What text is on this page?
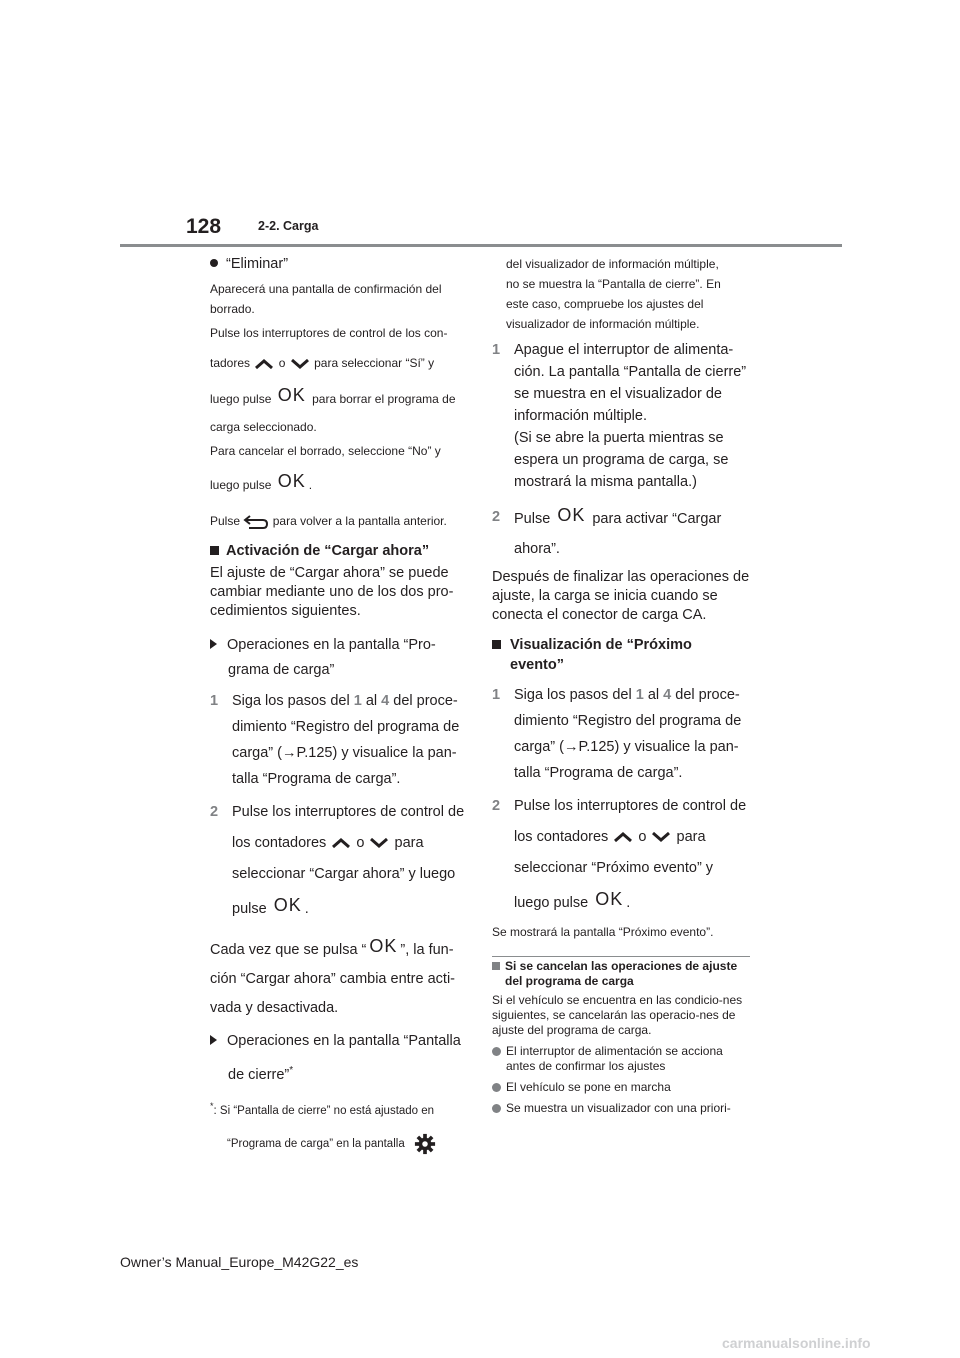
128	2-2. Carga
“Eliminar”
Aparecerá una pantalla de confirmación del borrado.
Pulse los interruptores de control de los con-
tadores o para seleccionar “Sí” y
luego pulse OK para borrar el programa de
carga seleccionado.
Para cancelar el borrado, seleccione “No” y
luego pulse OK .
Pulse	para volver a la pantalla anterior.
Activación de “Cargar ahora”
El ajuste de “Cargar ahora” se puede cambiar mediante uno de los dos pro-cedimientos siguientes.
Operaciones en la pantalla “Pro-
grama de carga”
1 Siga los pasos del 1 al 4 del proce-
dimiento “Registro del programa de
carga” (→P.125) y visualice la pan-
talla “Programa de carga”.
2 Pulse los interruptores de control de
los contadores o para
seleccionar “Cargar ahora” y luego
pulse OK .
Cada vez que se pulsa “ OK ”, la fun-
ción “Cargar ahora” cambia entre acti-
vada y desactivada.
Operaciones en la pantalla “Pantalla
de cierre”*
*: Si “Pantalla de cierre” no está ajustado en
“Programa de carga” en la pantalla
del visualizador de información múltiple,
no se muestra la “Pantalla de cierre”. En
este caso, compruebe los ajustes del
visualizador de información múltiple.
1 Apague el interruptor de alimenta-
ción. La pantalla “Pantalla de cierre”
se muestra en el visualizador de
información múltiple.
(Si se abre la puerta mientras se
espera un programa de carga, se
mostrará la misma pantalla.)
2 Pulse OK para activar “Cargar
ahora”.
Después de finalizar las operaciones de ajuste, la carga se inicia cuando se conecta el conector de carga CA.
Visualización de “Próximo
evento”
1 Siga los pasos del 1 al 4 del proce-
dimiento “Registro del programa de
carga” (→P.125) y visualice la pan-
talla “Programa de carga”.
2 Pulse los interruptores de control de
los contadores o para
seleccionar “Próximo evento” y
luego pulse OK .
Se mostrará la pantalla “Próximo evento”.
Si se cancelan las operaciones de ajuste del programa de carga
Si el vehículo se encuentra en las condicio-nes siguientes, se cancelarán las operacio-nes de ajuste del programa de carga.
El interruptor de alimentación se acciona antes de confirmar los ajustes
El vehículo se pone en marcha
Se muestra un visualizador con una priori-
Owner’s Manual_Europe_M42G22_es
carmanualsonline.info
